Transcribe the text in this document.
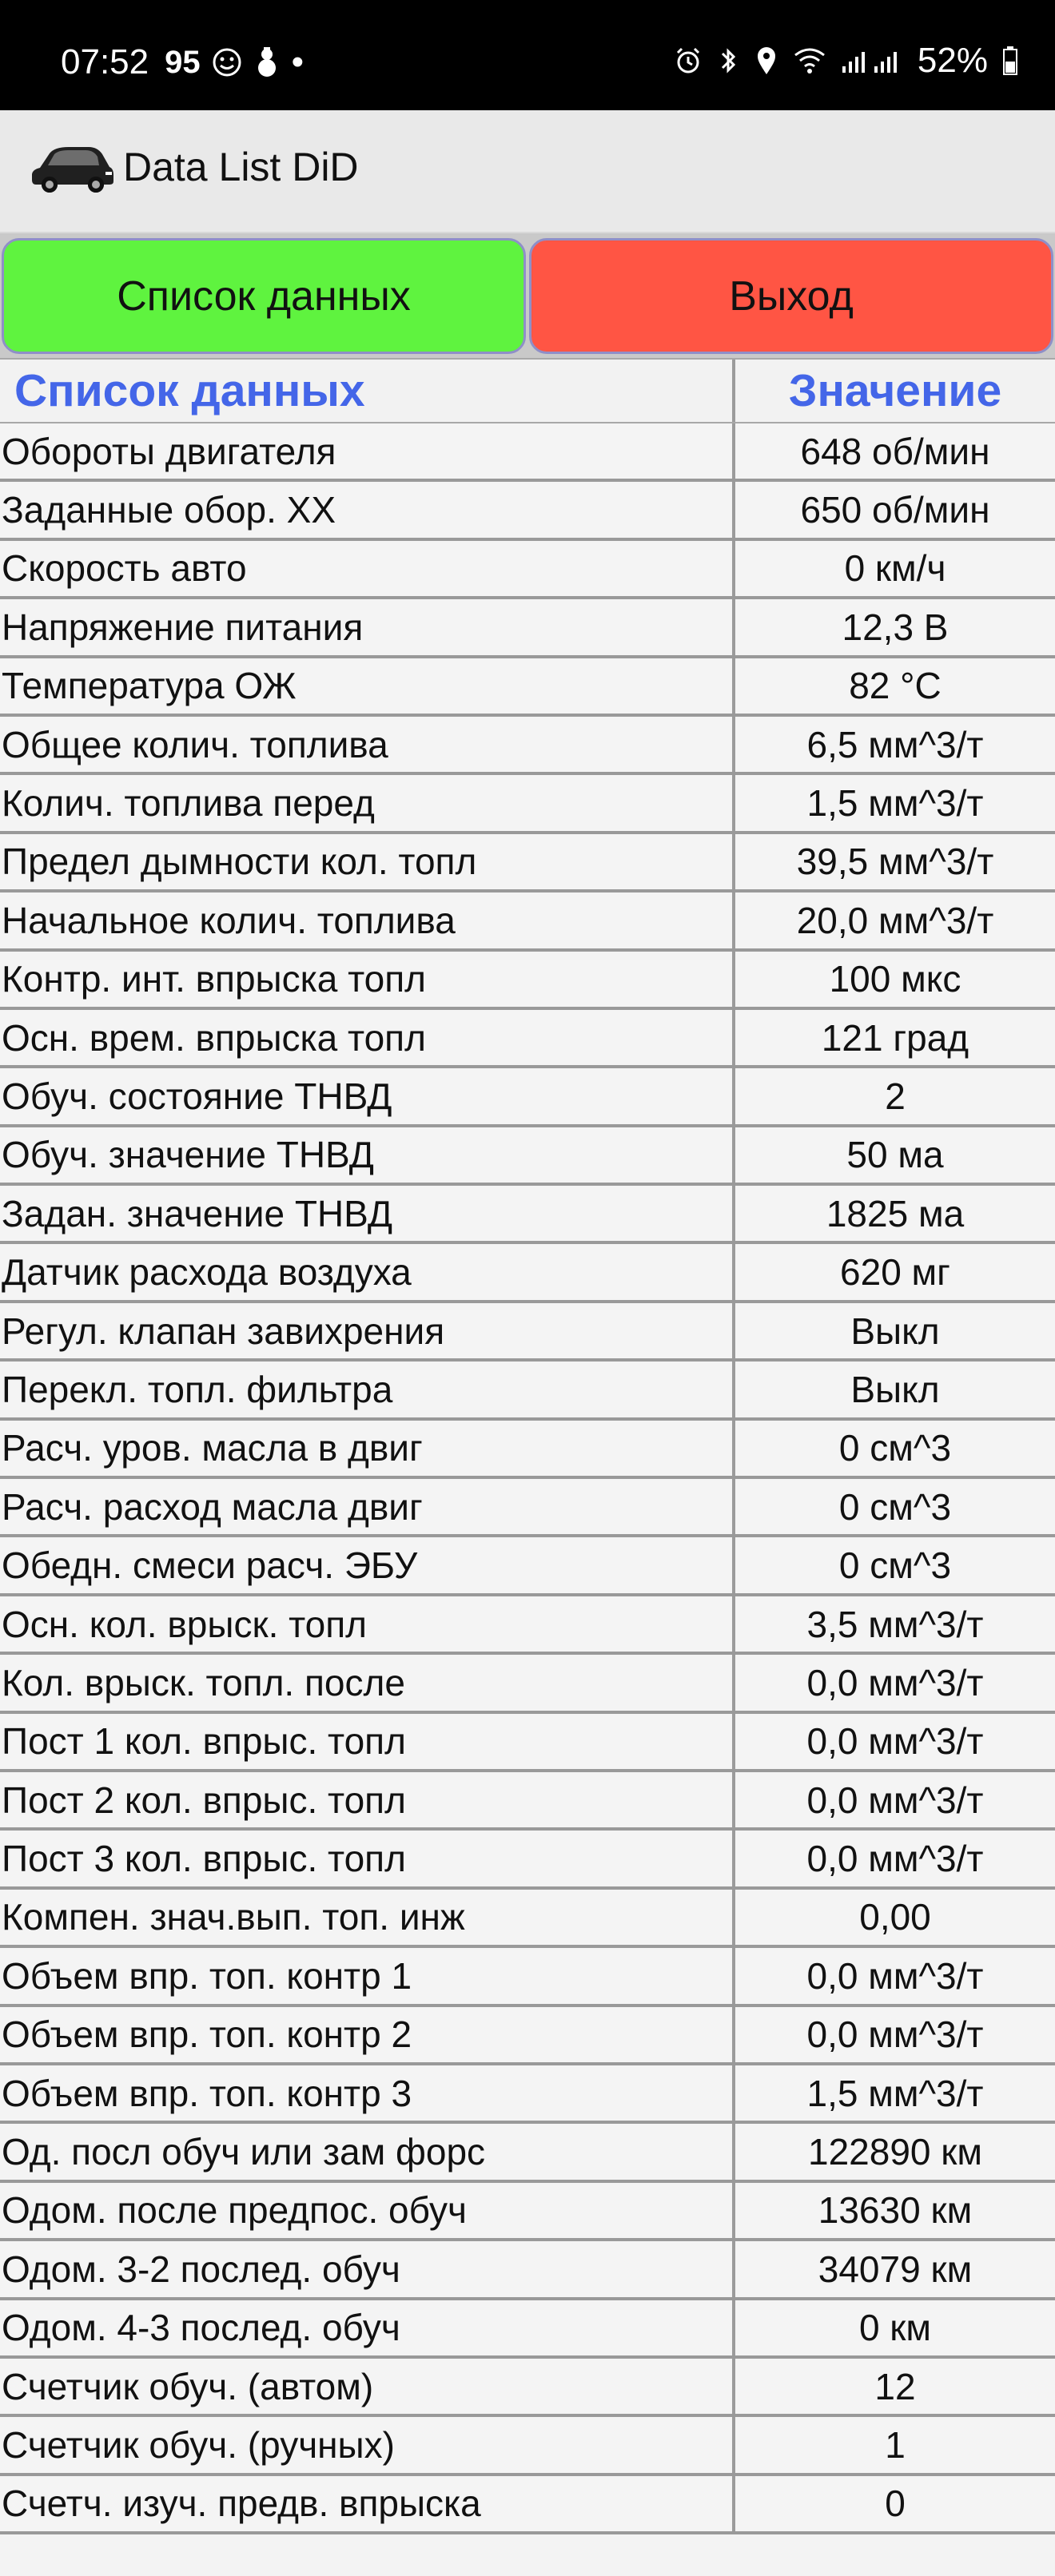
07:52 95	•	52%
Data List DiD
Список данных	Выход
Список данных	Значение
Обороты двигателя	648 об/мин
Заданные обор. XX	650 об/мин
Скорость авто	0 км/ч
Напряжение питания	12,3 В
Температура ОЖ	82 °C
Общее колич. топлива	6,5 мм^3/т
Колич. топлива перед	1,5 мм^3/т
Предел дымности кол. топл	39,5 мм^3/т
Начальное колич. топлива	20,0 мм^3/т
Контр. инт. впрыска топл	100 мкс
Осн. врем. впрыска топл	121 град
Обуч. состояние ТНВД	2
Обуч. значение ТНВД	50 ма
Задан. значение ТНВД	1825 ма
Датчик расхода воздуха	620 мг
Регул. клапан завихрения	Выкл
Перекл. топл. фильтра	Выкл
Расч. уров. масла в двиг	0 см^3
Расч. расход масла двиг	0 см^3
Обедн. смеси расч. ЭБУ	0 см^3
Осн. кол. врыск. топл	3,5 мм^3/т
Кол. врыск. топл. после	0,0 мм^3/т
Пост 1 кол. впрыс. топл	0,0 мм^3/т
Пост 2 кол. впрыс. топл	0,0 мм^3/т
Пост 3 кол. впрыс. топл	0,0 мм^3/т
Компен. знач.вып. топ. инж	0,00
Объем впр. топ. контр 1	0,0 мм^3/т
Объем впр. топ. контр 2	0,0 мм^3/т
Объем впр. топ. контр 3	1,5 мм^3/т
Од. посл обуч или зам форс	122890 км
Одом. после предпос. обуч	13630 км
Одом. 3-2 послед. обуч	34079 км
Одом. 4-3 послед. обуч	0 км
Счетчик обуч. (автом)	12
Счетчик обуч. (ручных)	1
Счетч. изуч. предв. впрыска	0
